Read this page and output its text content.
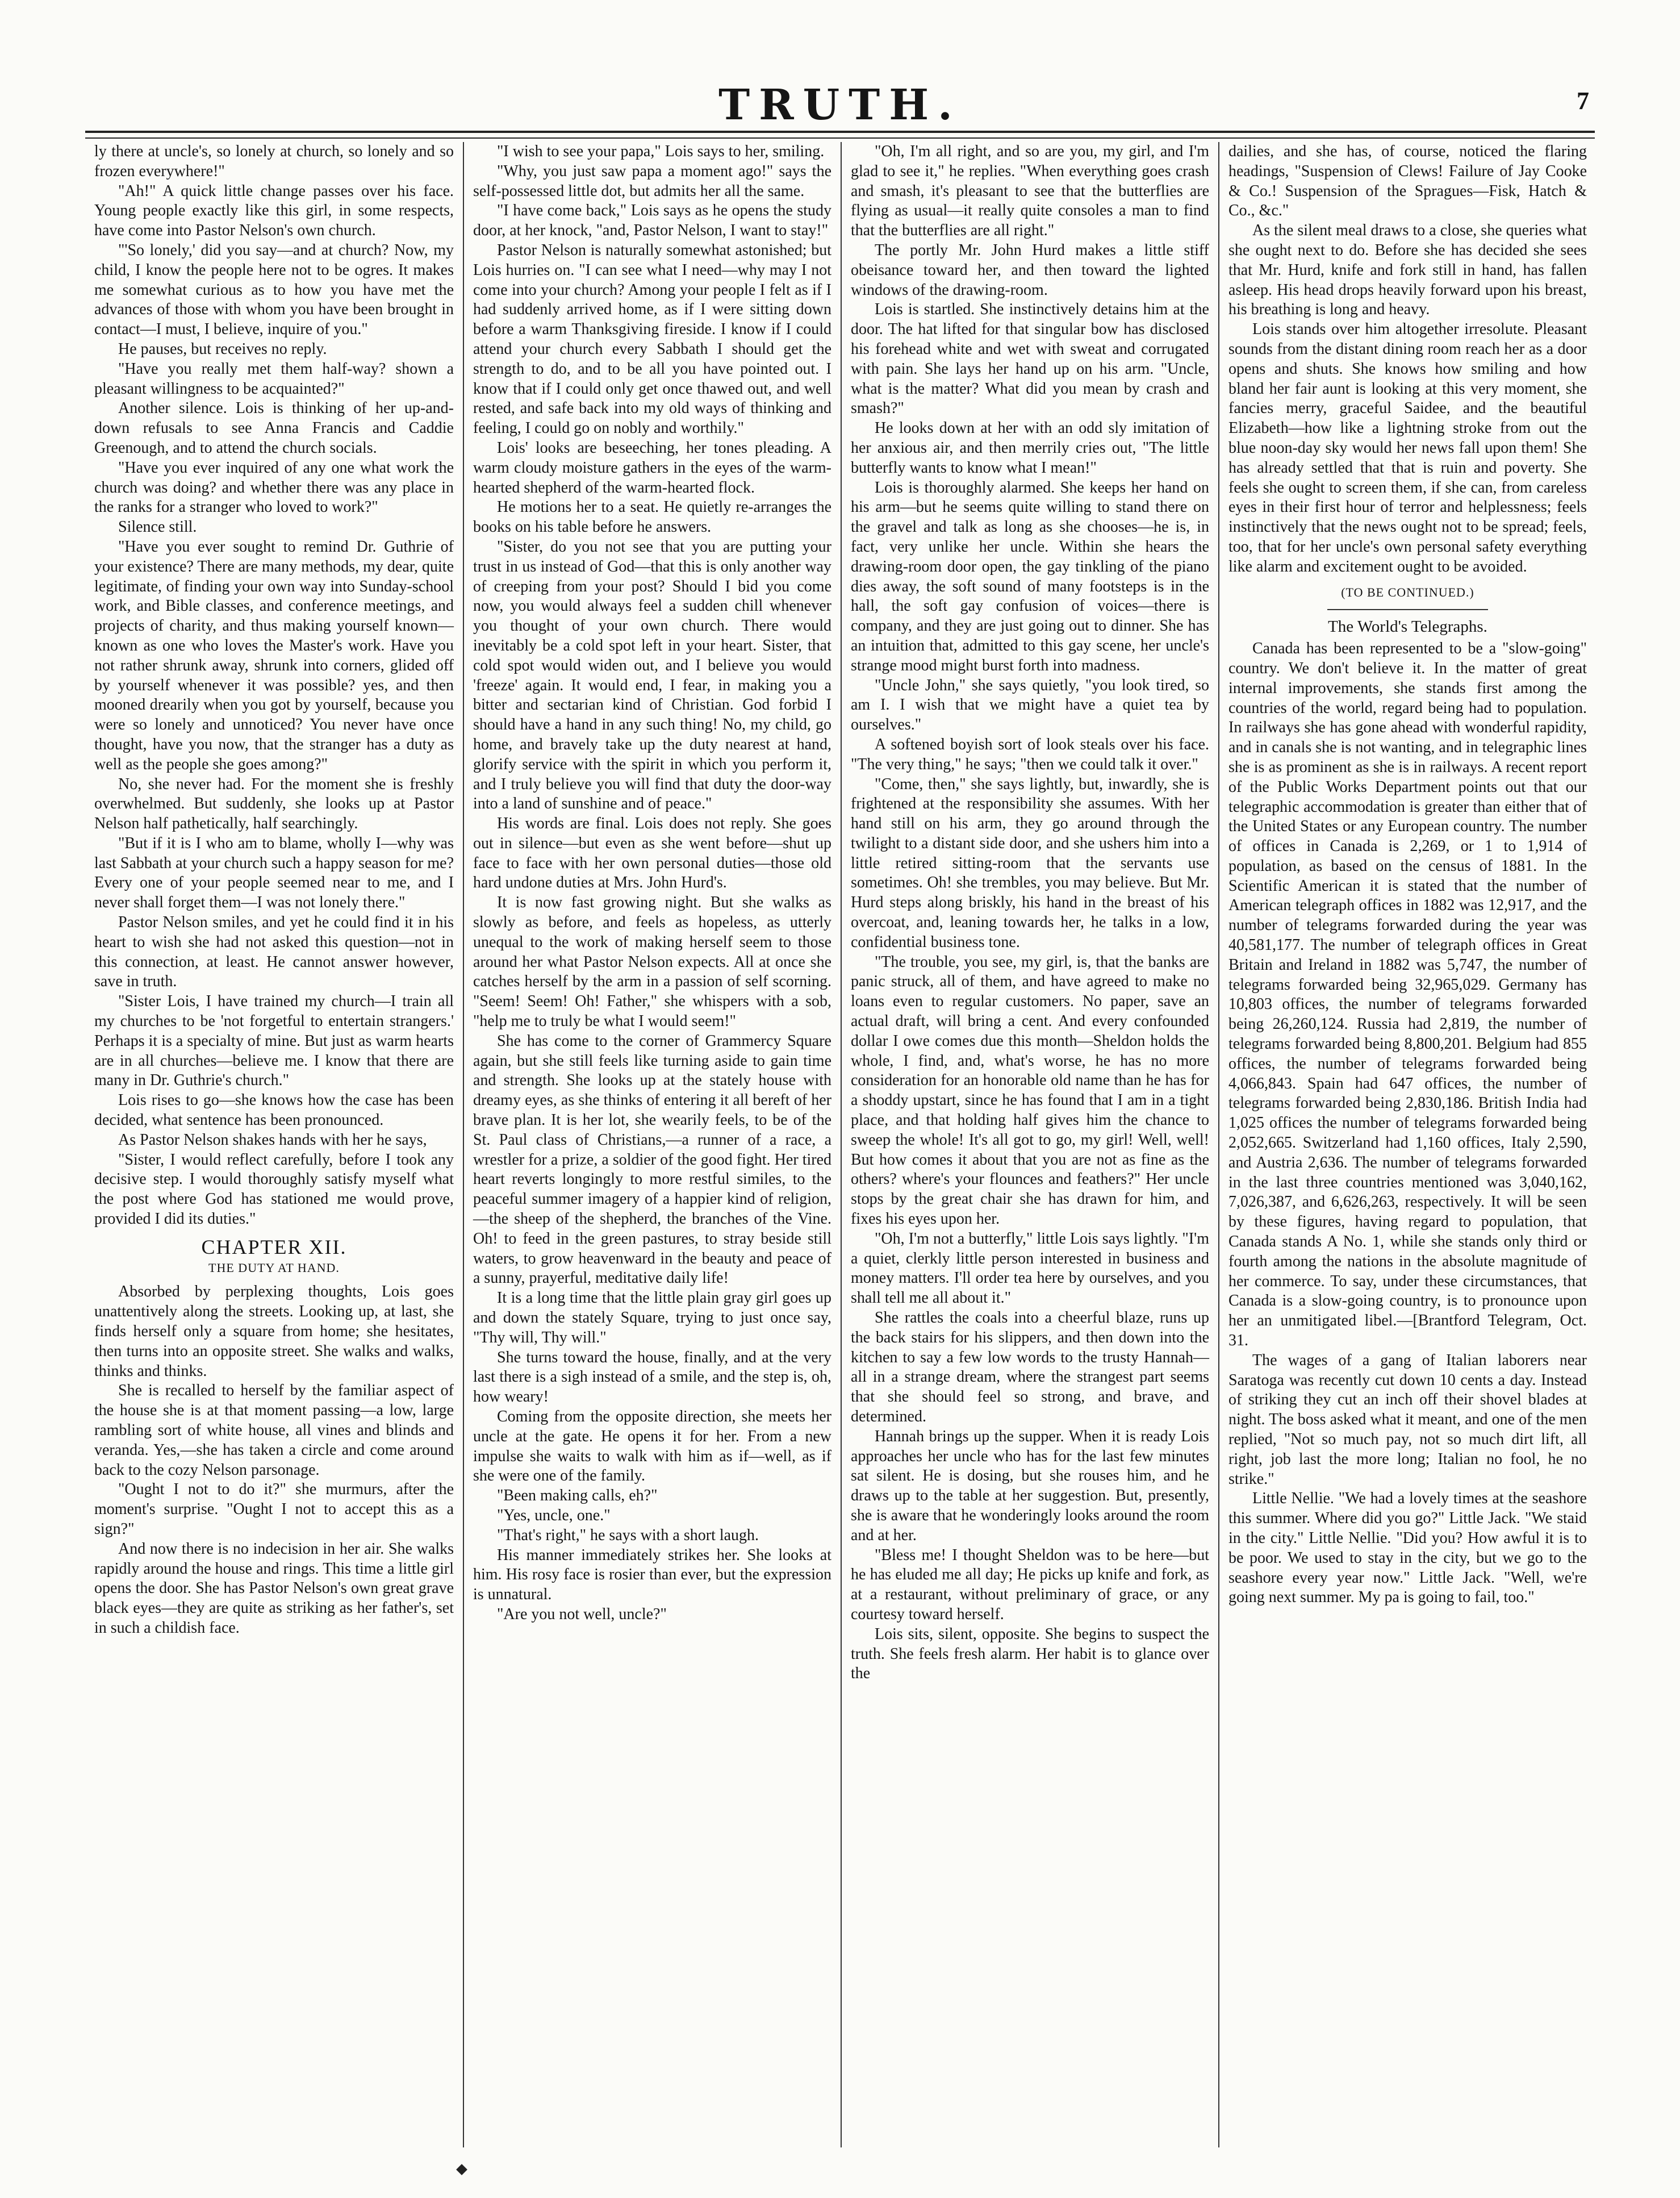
TRUTH.	7

ly there at uncle's, so lonely at church, so lonely and so frozen everywhere!"

"Ah!" A quick little change passes over his face. Young people exactly like this girl, in some respects, have come into Pastor Nelson's own church.

"'So lonely,' did you say—and at church? Now, my child, I know the people here not to be ogres. It makes me somewhat curious as to how you have met the advances of those with whom you have been brought in contact—I must, I believe, inquire of you."

He pauses, but receives no reply.

"Have you really met them half-way? shown a pleasant willingness to be acquainted?"

Another silence. Lois is thinking of her up-and-down refusals to see Anna Francis and Caddie Greenough, and to attend the church socials.

"Have you ever inquired of any one what work the church was doing? and whether there was any place in the ranks for a stranger who loved to work?"

Silence still.

"Have you ever sought to remind Dr. Guthrie of your existence? There are many methods, my dear, quite legitimate, of finding your own way into Sunday-school work, and Bible classes, and conference meetings, and projects of charity, and thus making yourself known—known as one who loves the Master's work. Have you not rather shrunk away, shrunk into corners, glided off by yourself whenever it was possible? yes, and then mooned drearily when you got by yourself, because you were so lonely and unnoticed? You never have once thought, have you now, that the stranger has a duty as well as the people she goes among?"

No, she never had. For the moment she is freshly overwhelmed. But suddenly, she looks up at Pastor Nelson half pathetically, half searchingly.

"But if it is I who am to blame, wholly I—why was last Sabbath at your church such a happy season for me? Every one of your people seemed near to me, and I never shall forget them—I was not lonely there."

Pastor Nelson smiles, and yet he could find it in his heart to wish she had not asked this question—not in this connection, at least. He cannot answer however, save in truth.

"Sister Lois, I have trained my church—I train all my churches to be 'not forgetful to entertain strangers.' Perhaps it is a specialty of mine. But just as warm hearts are in all churches—believe me. I know that there are many in Dr. Guthrie's church."

Lois rises to go—she knows how the case has been decided, what sentence has been pronounced.

As Pastor Nelson shakes hands with her he says,

"Sister, I would reflect carefully, before I took any decisive step. I would thoroughly satisfy myself what the post where God has stationed me would prove, provided I did its duties."

CHAPTER XII.
THE DUTY AT HAND.

Absorbed by perplexing thoughts, Lois goes unattentively along the streets. Looking up, at last, she finds herself only a square from home; she hesitates, then turns into an opposite street. She walks and walks, thinks and thinks.

She is recalled to herself by the familiar aspect of the house she is at that moment passing—a low, large rambling sort of white house, all vines and blinds and veranda. Yes,—she has taken a circle and come around back to the cozy Nelson parsonage.

"Ought I not to do it?" she murmurs, after the moment's surprise. "Ought I not to accept this as a sign?"

And now there is no indecision in her air. She walks rapidly around the house and rings. This time a little girl opens the door. She has Pastor Nelson's own great grave black eyes—they are quite as striking as her father's, set in such a childish face.

"I wish to see your papa," Lois says to her, smiling.

"Why, you just saw papa a moment ago!" says the self-possessed little dot, but admits her all the same.

"I have come back," Lois says as he opens the study door, at her knock, "and, Pastor Nelson, I want to stay!"

Pastor Nelson is naturally somewhat astonished; but Lois hurries on. "I can see what I need—why may I not come into your church? Among your people I felt as if I had suddenly arrived home, as if I were sitting down before a warm Thanksgiving fireside. I know if I could attend your church every Sabbath I should get the strength to do, and to be all you have pointed out. I know that if I could only get once thawed out, and well rested, and safe back into my old ways of thinking and feeling, I could go on nobly and worthily."

Lois' looks are beseeching, her tones pleading. A warm cloudy moisture gathers in the eyes of the warm-hearted shepherd of the warm-hearted flock.

He motions her to a seat. He quietly re-arranges the books on his table before he answers.

"Sister, do you not see that you are putting your trust in us instead of God—that this is only another way of creeping from your post? Should I bid you come now, you would always feel a sudden chill whenever you thought of your own church. There would inevitably be a cold spot left in your heart. Sister, that cold spot would widen out, and I believe you would 'freeze' again. It would end, I fear, in making you a bitter and sectarian kind of Christian. God forbid I should have a hand in any such thing! No, my child, go home, and bravely take up the duty nearest at hand, glorify service with the spirit in which you perform it, and I truly believe you will find that duty the door-way into a land of sunshine and of peace."

His words are final. Lois does not reply. She goes out in silence—but even as she went before—shut up face to face with her own personal duties—those old hard undone duties at Mrs. John Hurd's.

It is now fast growing night. But she walks as slowly as before, and feels as hopeless, as utterly unequal to the work of making herself seem to those around her what Pastor Nelson expects. All at once she catches herself by the arm in a passion of self scorning. "Seem! Seem! Oh! Father," she whispers with a sob, "help me to truly be what I would seem!"

She has come to the corner of Grammercy Square again, but she still feels like turning aside to gain time and strength. She looks up at the stately house with dreamy eyes, as she thinks of entering it all bereft of her brave plan. It is her lot, she wearily feels, to be of the St. Paul class of Christians,—a runner of a race, a wrestler for a prize, a soldier of the good fight. Her tired heart reverts longingly to more restful similes, to the peaceful summer imagery of a happier kind of religion,—the sheep of the shepherd, the branches of the Vine. Oh! to feed in the green pastures, to stray beside still waters, to grow heavenward in the beauty and peace of a sunny, prayerful, meditative daily life!

It is a long time that the little plain gray girl goes up and down the stately Square, trying to just once say, "Thy will, Thy will."

She turns toward the house, finally, and at the very last there is a sigh instead of a smile, and the step is, oh, how weary!

Coming from the opposite direction, she meets her uncle at the gate. He opens it for her. From a new impulse she waits to walk with him as if—well, as if she were one of the family.

"Been making calls, eh?"

"Yes, uncle, one."

"That's right," he says with a short laugh.

His manner immediately strikes her. She looks at him. His rosy face is rosier than ever, but the expression is unnatural.

"Are you not well, uncle?"

"Oh, I'm all right, and so are you, my girl, and I'm glad to see it," he replies. "When everything goes crash and smash, it's pleasant to see that the butterflies are flying as usual—it really quite consoles a man to find that the butterflies are all right."

The portly Mr. John Hurd makes a little stiff obeisance toward her, and then toward the lighted windows of the drawing-room.

Lois is startled. She instinctively detains him at the door. The hat lifted for that singular bow has disclosed his forehead white and wet with sweat and corrugated with pain. She lays her hand up on his arm. "Uncle, what is the matter? What did you mean by crash and smash?"

He looks down at her with an odd sly imitation of her anxious air, and then merrily cries out, "The little butterfly wants to know what I mean!"

Lois is thoroughly alarmed. She keeps her hand on his arm—but he seems quite willing to stand there on the gravel and talk as long as she chooses—he is, in fact, very unlike her uncle. Within she hears the drawing-room door open, the gay tinkling of the piano dies away, the soft sound of many footsteps is in the hall, the soft gay confusion of voices—there is company, and they are just going out to dinner. She has an intuition that, admitted to this gay scene, her uncle's strange mood might burst forth into madness.

"Uncle John," she says quietly, "you look tired, so am I. I wish that we might have a quiet tea by ourselves."

A softened boyish sort of look steals over his face. "The very thing," he says; "then we could talk it over."

"Come, then," she says lightly, but, inwardly, she is frightened at the responsibility she assumes. With her hand still on his arm, they go around through the twilight to a distant side door, and she ushers him into a little retired sitting-room that the servants use sometimes. Oh! she trembles, you may believe. But Mr. Hurd steps along briskly, his hand in the breast of his overcoat, and, leaning towards her, he talks in a low, confidential business tone.

"The trouble, you see, my girl, is, that the banks are panic struck, all of them, and have agreed to make no loans even to regular customers. No paper, save an actual draft, will bring a cent. And every confounded dollar I owe comes due this month—Sheldon holds the whole, I find, and, what's worse, he has no more consideration for an honorable old name than he has for a shoddy upstart, since he has found that I am in a tight place, and that holding half gives him the chance to sweep the whole! It's all got to go, my girl! Well, well! But how comes it about that you are not as fine as the others? where's your flounces and feathers?" Her uncle stops by the great chair she has drawn for him, and fixes his eyes upon her.

"Oh, I'm not a butterfly," little Lois says lightly. "I'm a quiet, clerkly little person interested in business and money matters. I'll order tea here by ourselves, and you shall tell me all about it."

She rattles the coals into a cheerful blaze, runs up the back stairs for his slippers, and then down into the kitchen to say a few low words to the trusty Hannah—all in a strange dream, where the strangest part seems that she should feel so strong, and brave, and determined.

Hannah brings up the supper. When it is ready Lois approaches her uncle who has for the last few minutes sat silent. He is dosing, but she rouses him, and he draws up to the table at her suggestion. But, presently, she is aware that he wonderingly looks around the room and at her.

"Bless me! I thought Sheldon was to be here—but he has eluded me all day; He picks up knife and fork, as at a restaurant, without preliminary of grace, or any courtesy toward herself.

Lois sits, silent, opposite. She begins to suspect the truth. She feels fresh alarm. Her habit is to glance over the

dailies, and she has, of course, noticed the flaring headings, "Suspension of Clews! Failure of Jay Cooke & Co.! Suspension of the Spragues—Fisk, Hatch & Co., &c."

As the silent meal draws to a close, she queries what she ought next to do. Before she has decided she sees that Mr. Hurd, knife and fork still in hand, has fallen asleep. His head drops heavily forward upon his breast, his breathing is long and heavy.

Lois stands over him altogether irresolute. Pleasant sounds from the distant dining room reach her as a door opens and shuts. She knows how smiling and how bland her fair aunt is looking at this very moment, she fancies merry, graceful Saidee, and the beautiful Elizabeth—how like a lightning stroke from out the blue noon-day sky would her news fall upon them! She has already settled that that is ruin and poverty. She feels she ought to screen them, if she can, from careless eyes in their first hour of terror and helplessness; feels instinctively that the news ought not to be spread; feels, too, that for her uncle's own personal safety everything like alarm and excitement ought to be avoided.

(TO BE CONTINUED.)
The World's Telegraphs.

Canada has been represented to be a "slow-going" country. We don't believe it. In the matter of great internal improvements, she stands first among the countries of the world, regard being had to population. In railways she has gone ahead with wonderful rapidity, and in canals she is not wanting, and in telegraphic lines she is as prominent as she is in railways. A recent report of the Public Works Department points out that our telegraphic accommodation is greater than either that of the United States or any European country. The number of offices in Canada is 2,269, or 1 to 1,914 of population, as based on the census of 1881. In the Scientific American it is stated that the number of American telegraph offices in 1882 was 12,917, and the number of telegrams forwarded during the year was 40,581,177. The number of telegraph offices in Great Britain and Ireland in 1882 was 5,747, the number of telegrams forwarded being 32,965,029. Germany has 10,803 offices, the number of telegrams forwarded being 26,260,124. Russia had 2,819, the number of telegrams forwarded being 8,800,201. Belgium had 855 offices, the number of telegrams forwarded being 4,066,843. Spain had 647 offices, the number of telegrams forwarded being 2,830,186. British India had 1,025 offices the number of telegrams forwarded being 2,052,665. Switzerland had 1,160 offices, Italy 2,590, and Austria 2,636. The number of telegrams forwarded in the last three countries mentioned was 3,040,162, 7,026,387, and 6,626,263, respectively. It will be seen by these figures, having regard to population, that Canada stands A No. 1, while she stands only third or fourth among the nations in the absolute magnitude of her commerce. To say, under these circumstances, that Canada is a slow-going country, is to pronounce upon her an unmitigated libel.—[Brantford Telegram, Oct. 31.

The wages of a gang of Italian laborers near Saratoga was recently cut down 10 cents a day. Instead of striking they cut an inch off their shovel blades at night. The boss asked what it meant, and one of the men replied, "Not so much pay, not so much dirt lift, all right, job last the more long; Italian no fool, he no strike."

Little Nellie. "We had a lovely times at the seashore this summer. Where did you go?" Little Jack. "We staid in the city." Little Nellie. "Did you? How awful it is to be poor. We used to stay in the city, but we go to the seashore every year now." Little Jack. "Well, we're going next summer. My pa is going to fail, too."
